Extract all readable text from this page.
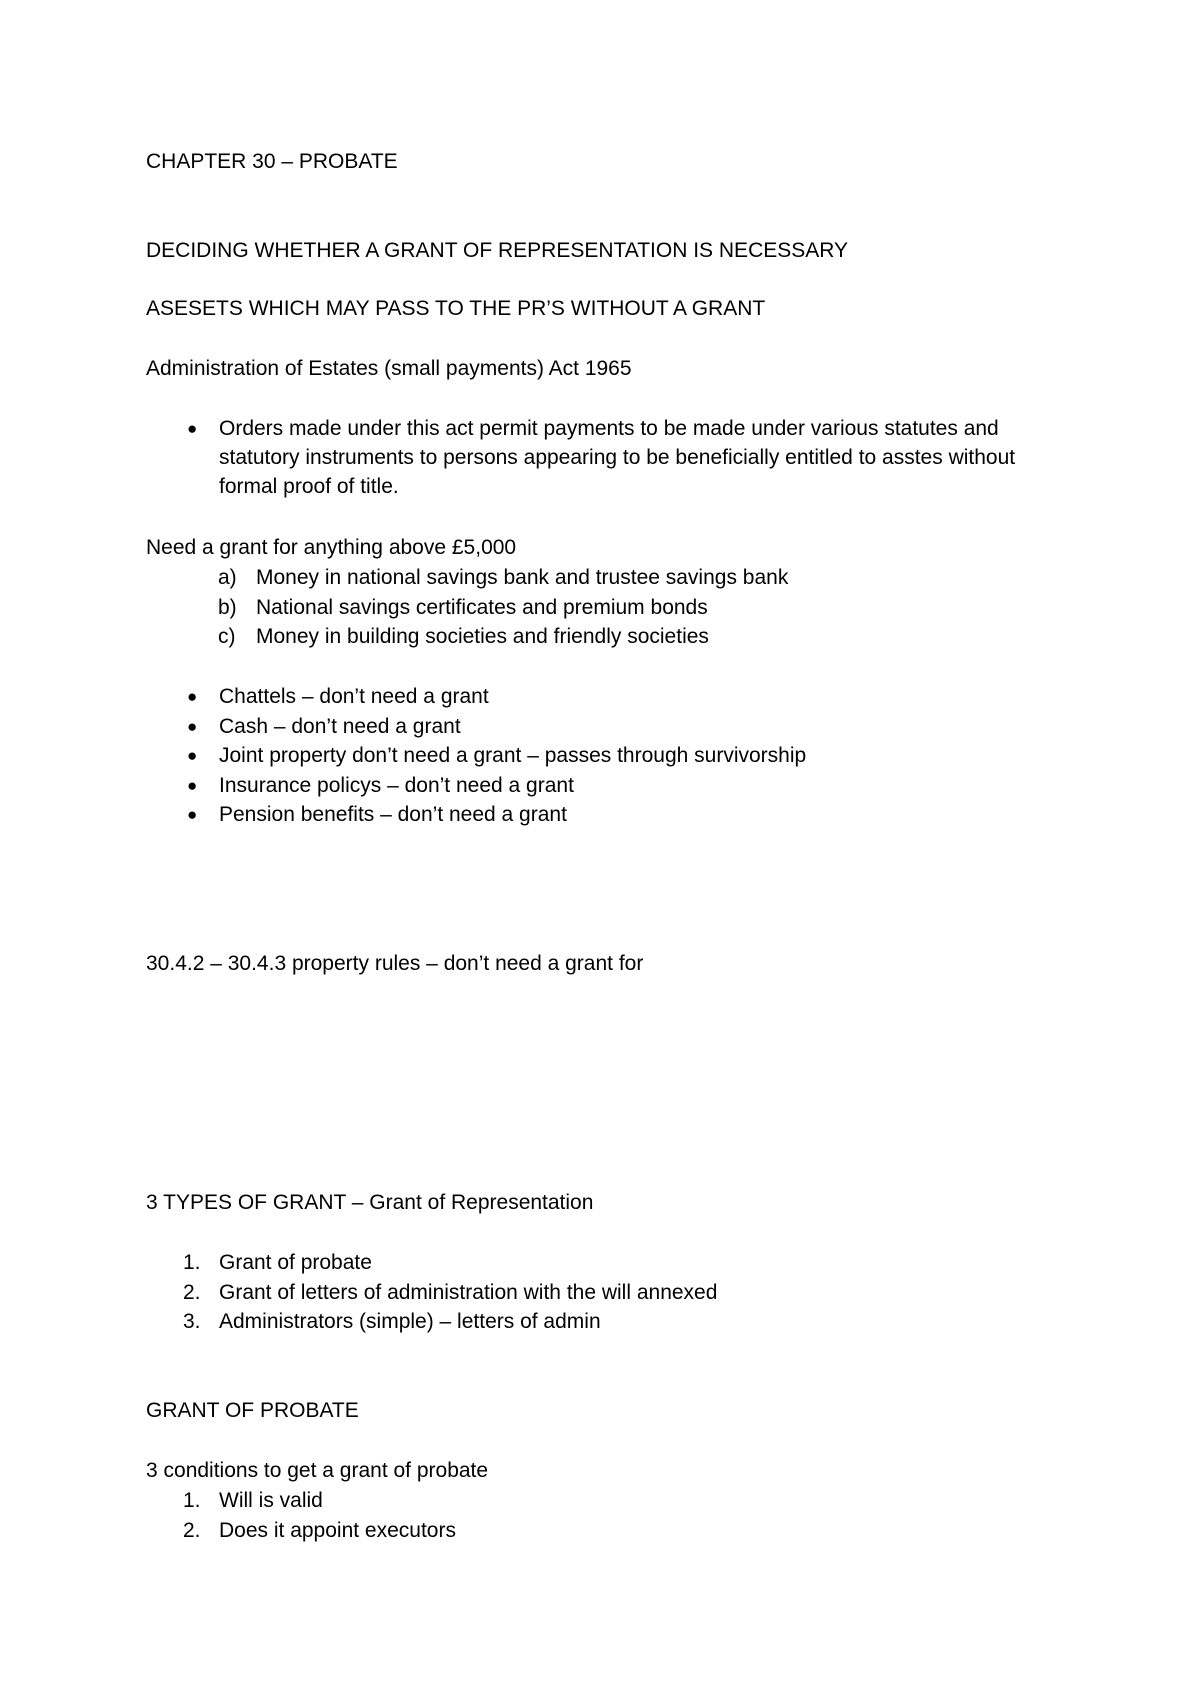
CHAPTER 30 – PROBATE
DECIDING WHETHER A GRANT OF REPRESENTATION IS NECESSARY
ASESETS WHICH MAY PASS TO THE PR’S WITHOUT A GRANT
Administration of Estates (small payments) Act 1965
● Orders made under this act permit payments to be made under various statutes and statutory instruments to persons appearing to be beneficially entitled to asstes without formal proof of title.
Need a grant for anything above £5,000
a) Money in national savings bank and trustee savings bank
b) National savings certificates and premium bonds
c) Money in building societies and friendly societies
● Chattels – don’t need a grant
● Cash – don’t need a grant
● Joint property don’t need a grant – passes through survivorship
● Insurance policys – don’t need a grant
● Pension benefits – don’t need a grant
30.4.2 – 30.4.3 property rules – don’t need a grant for
3 TYPES OF GRANT – Grant of Representation
1. Grant of probate
2. Grant of letters of administration with the will annexed
3. Administrators (simple) – letters of admin
GRANT OF PROBATE
3 conditions to get a grant of probate
1. Will is valid
2. Does it appoint executors
